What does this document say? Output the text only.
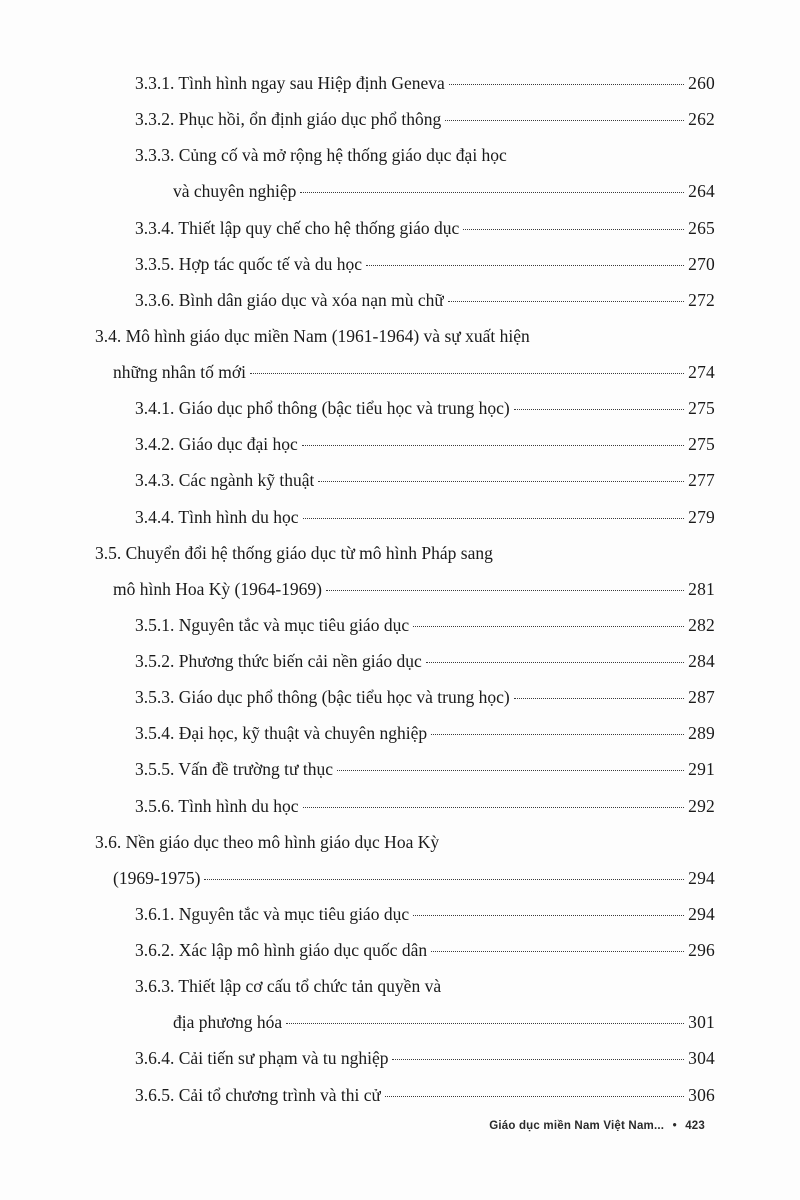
3.3.1. Tình hình ngay sau Hiệp định Geneva	260
3.3.2. Phục hồi, ổn định giáo dục phổ thông	262
3.3.3. Củng cố và mở rộng hệ thống giáo dục đại học
và chuyên nghiệp	264
3.3.4. Thiết lập quy chế cho hệ thống giáo dục	265
3.3.5. Hợp tác quốc tế và du học	270
3.3.6. Bình dân giáo dục và xóa nạn mù chữ	272
3.4. Mô hình giáo dục miền Nam (1961-1964) và sự xuất hiện
những nhân tố mới	274
3.4.1. Giáo dục phổ thông (bậc tiểu học và trung học)	275
3.4.2. Giáo dục đại học	275
3.4.3. Các ngành kỹ thuật	277
3.4.4. Tình hình du học	279
3.5. Chuyển đổi hệ thống giáo dục từ mô hình Pháp sang
mô hình Hoa Kỳ (1964-1969)	281
3.5.1. Nguyên tắc và mục tiêu giáo dục	282
3.5.2. Phương thức biến cải nền giáo dục	284
3.5.3. Giáo dục phổ thông (bậc tiểu học và trung học)	287
3.5.4. Đại học, kỹ thuật và chuyên nghiệp	289
3.5.5. Vấn đề trường tư thục	291
3.5.6. Tình hình du học	292
3.6. Nền giáo dục theo mô hình giáo dục Hoa Kỳ
(1969-1975)	294
3.6.1. Nguyên tắc và mục tiêu giáo dục	294
3.6.2. Xác lập mô hình giáo dục quốc dân	296
3.6.3. Thiết lập cơ cấu tổ chức tản quyền và
địa phương hóa	301
3.6.4. Cải tiến sư phạm và tu nghiệp	304
3.6.5. Cải tổ chương trình và thi cử	306
Giáo dục miền Nam Việt Nam... • 423
